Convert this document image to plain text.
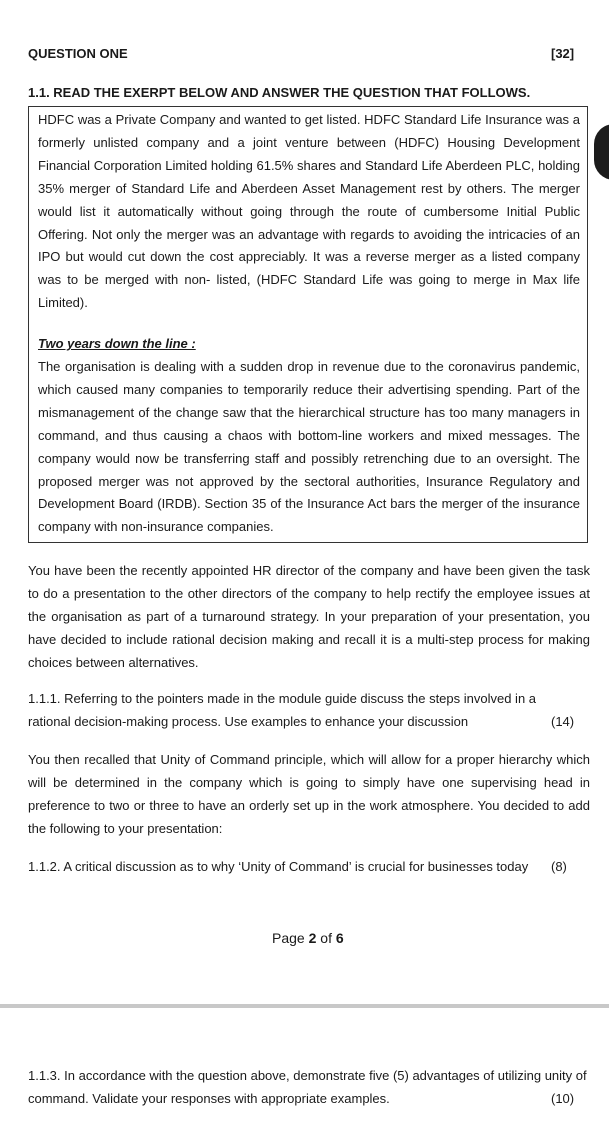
QUESTION ONE	[32]
1.1. READ THE EXERPT BELOW AND ANSWER THE QUESTION THAT FOLLOWS.
HDFC was a Private Company and wanted to get listed. HDFC Standard Life Insurance was a formerly unlisted company and a joint venture between (HDFC) Housing Development Financial Corporation Limited holding 61.5% shares and Standard Life Aberdeen PLC, holding 35% merger of Standard Life and Aberdeen Asset Management rest by others. The merger would list it automatically without going through the route of cumbersome Initial Public Offering. Not only the merger was an advantage with regards to avoiding the intricacies of an IPO but would cut down the cost appreciably. It was a reverse merger as a listed company was to be merged with non- listed, (HDFC Standard Life was going to merge in Max life Limited).
Two years down the line :
The organisation is dealing with a sudden drop in revenue due to the coronavirus pandemic, which caused many companies to temporarily reduce their advertising spending. Part of the mismanagement of the change saw that the hierarchical structure has too many managers in command, and thus causing a chaos with bottom-line workers and mixed messages. The company would now be transferring staff and possibly retrenching due to an oversight. The proposed merger was not approved by the sectoral authorities, Insurance Regulatory and Development Board (IRDB). Section 35 of the Insurance Act bars the merger of the insurance company with non-insurance companies.
You have been the recently appointed HR director of the company and have been given the task to do a presentation to the other directors of the company to help rectify the employee issues at the organisation as part of a turnaround strategy. In your preparation of your presentation, you have decided to include rational decision making and recall it is a multi-step process for making choices between alternatives.
1.1.1. Referring to the pointers made in the module guide discuss the steps involved in a rational decision-making process. Use examples to enhance your discussion	(14)
You then recalled that Unity of Command principle, which will allow for a proper hierarchy which will be determined in the company which is going to simply have one supervising head in preference to two or three to have an orderly set up in the work atmosphere. You decided to add the following to your presentation:
1.1.2. A critical discussion as to why ‘Unity of Command’ is crucial for businesses today (8)
Page 2 of 6
1.1.3. In accordance with the question above, demonstrate five (5) advantages of utilizing unity of command. Validate your responses with appropriate examples.	(10)
